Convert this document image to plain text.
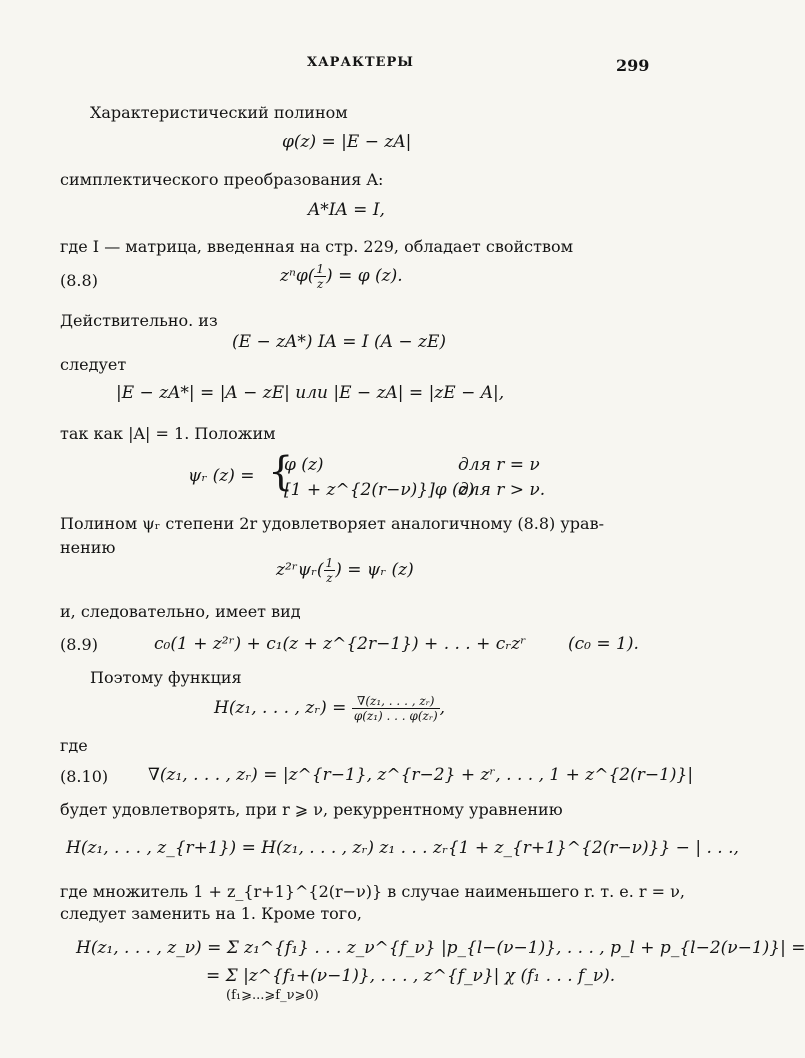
ХАРАКТЕРЫ	299
Характеристический полином
φ(z) = |E − zA|
симплектического преобразования A:
A*IA = I,
где I — матрица, введенная на стр. 229, обладает свойством
(8.8)	$z^n\varphi( \frac{1}{z}$ ) = φ (z).
Действительно. из
(E − zA*) IA = I (A − zE)
следует
|E − zA*| = |A − zE| или |E − zA| = |zE − A|,
так как |A| = 1. Положим
ψᵣ (z) = {
φ (z)	для r = ν
[1 + z^{2(r−ν)}]φ (z)
для r > ν.
Полином ψᵣ степени 2r удовлетворяет аналогичному (8.8) урав-
нению
z²ʳψᵣ( $\frac{1}{z}$ ) = ψᵣ (z)
и, следовательно, имеет вид
(8.9)	c₀(1 + z²ʳ) + c₁(z + z^{2r−1}) + . . . + cᵣzʳ (c₀ = 1).
Поэтому функция
H(z₁, . . . , zᵣ) = $\frac{\text{∇(z₁, . . . , zᵣ)}}{\text{φ(z₁) . . . φ(zᵣ)}}$ ,
где
(8.10) ∇(z₁, . . . , zᵣ) = |z^{r−1}, z^{r−2} + zʳ, . . . , 1 + z^{2(r−1)}|
будет удовлетворять, при r ⩾ ν, рекуррентному уравнению
H(z₁, . . . , z_{r+1}) = H(z₁, . . . , zᵣ) z₁ . . . zᵣ{1 + z_{r+1}^{2(r−ν)}} − | . . .,
где множитель 1 + z_{r+1}^{2(r−ν)} в случае наименьшего r. т. е. r = ν,
следует заменить на 1. Кроме того,
H(z₁, . . . , z_ν) = Σ z₁^{f₁} . . . z_ν^{f_ν} |p_{l−(ν−1)}, . . . , p_l + p_{l−2(ν−1)}| =
= Σ |z^{f₁+(ν−1)}, . . . , z^{f_ν}| χ (f₁ . . . f_ν).
(f₁⩾...⩾f_ν⩾0)
